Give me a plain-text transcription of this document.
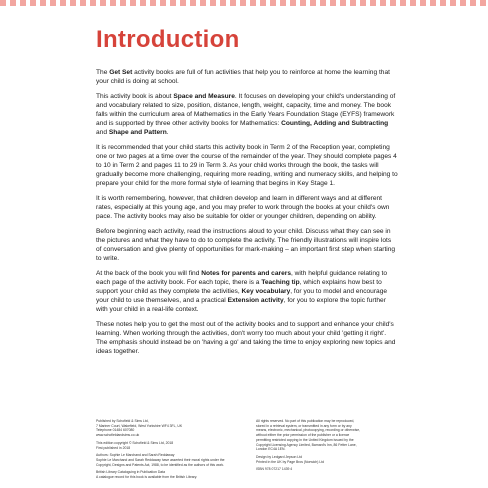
Introduction

The Get Set activity books are full of fun activities that help you to reinforce at home the learning that your child is doing at school.

This activity book is about Space and Measure. It focuses on developing your child's understanding of and vocabulary related to size, position, distance, length, weight, capacity, time and money. The book falls within the curriculum area of Mathematics in the Early Years Foundation Stage (EYFS) framework and is supported by three other activity books for Mathematics: Counting, Adding and Subtracting and Shape and Pattern.

It is recommended that your child starts this activity book in Term 2 of the Reception year, completing one or two pages at a time over the course of the remainder of the year. They should complete pages 4 to 10 in Term 2 and pages 11 to 29 in Term 3. As your child works through the book, the tasks will gradually become more challenging, requiring more reading, writing and numeracy skills, and helping to prepare your child for the more formal style of learning that begins in Key Stage 1.

It is worth remembering, however, that children develop and learn in different ways and at different rates, especially at this young age, and you may prefer to work through the books at your child's own pace. The activity books may also be suitable for older or younger children, depending on ability.

Before beginning each activity, read the instructions aloud to your child. Discuss what they can see in the pictures and what they have to do to complete the activity. The friendly illustrations will inspire lots of conversation and give plenty of opportunities for mark-making – an important first step when starting to write.

At the back of the book you will find Notes for parents and carers, with helpful guidance relating to each page of the activity book. For each topic, there is a Teaching tip, which explains how best to support your child as they complete the activities, Key vocabulary, for you to model and encourage your child to use themselves, and a practical Extension activity, for you to explore the topic further with your child in a real-life context.

These notes help you to get the most out of the activity books and to support and enhance your child's learning. When working through the activities, don't worry too much about your child 'getting it right'. The emphasis should instead be on 'having a go' and taking the time to enjoy exploring new topics and ideas together.

Published by Schofield & Sims Ltd,
7 Mariner Court, Wakefield, West Yorkshire WF4 3FL, UK
Telephone 01484 607080
www.schofieldandsims.co.uk
This edition copyright © Schofield & Sims Ltd, 2018
First published in 2018
Authors: Sophie Le Marchand and Sarah Reddaway
Sophie Le Marchand and Sarah Reddaway have asserted their moral rights under the
Copyright, Designs and Patents Act, 1988, to be identified as the authors of this work.
British Library Cataloguing in Publication Data
A catalogue record for this book is available from the British Library.
All rights reserved. No part of this publication may be reproduced,
stored in a retrieval system, or transmitted in any form or by any
means, electronic, mechanical, photocopying, recording or otherwise,
without either the prior permission of the publisher or a licence
permitting restricted copying in the United Kingdom issued by the
Copyright Licensing Agency Limited, Barnard's Inn, 86 Fetter Lane,
London EC4A 1EN.
Design by Ledgard Jepson Ltd
Printed in the UK by Page Bros (Norwich) Ltd
ISBN 978 07217 1439 4
